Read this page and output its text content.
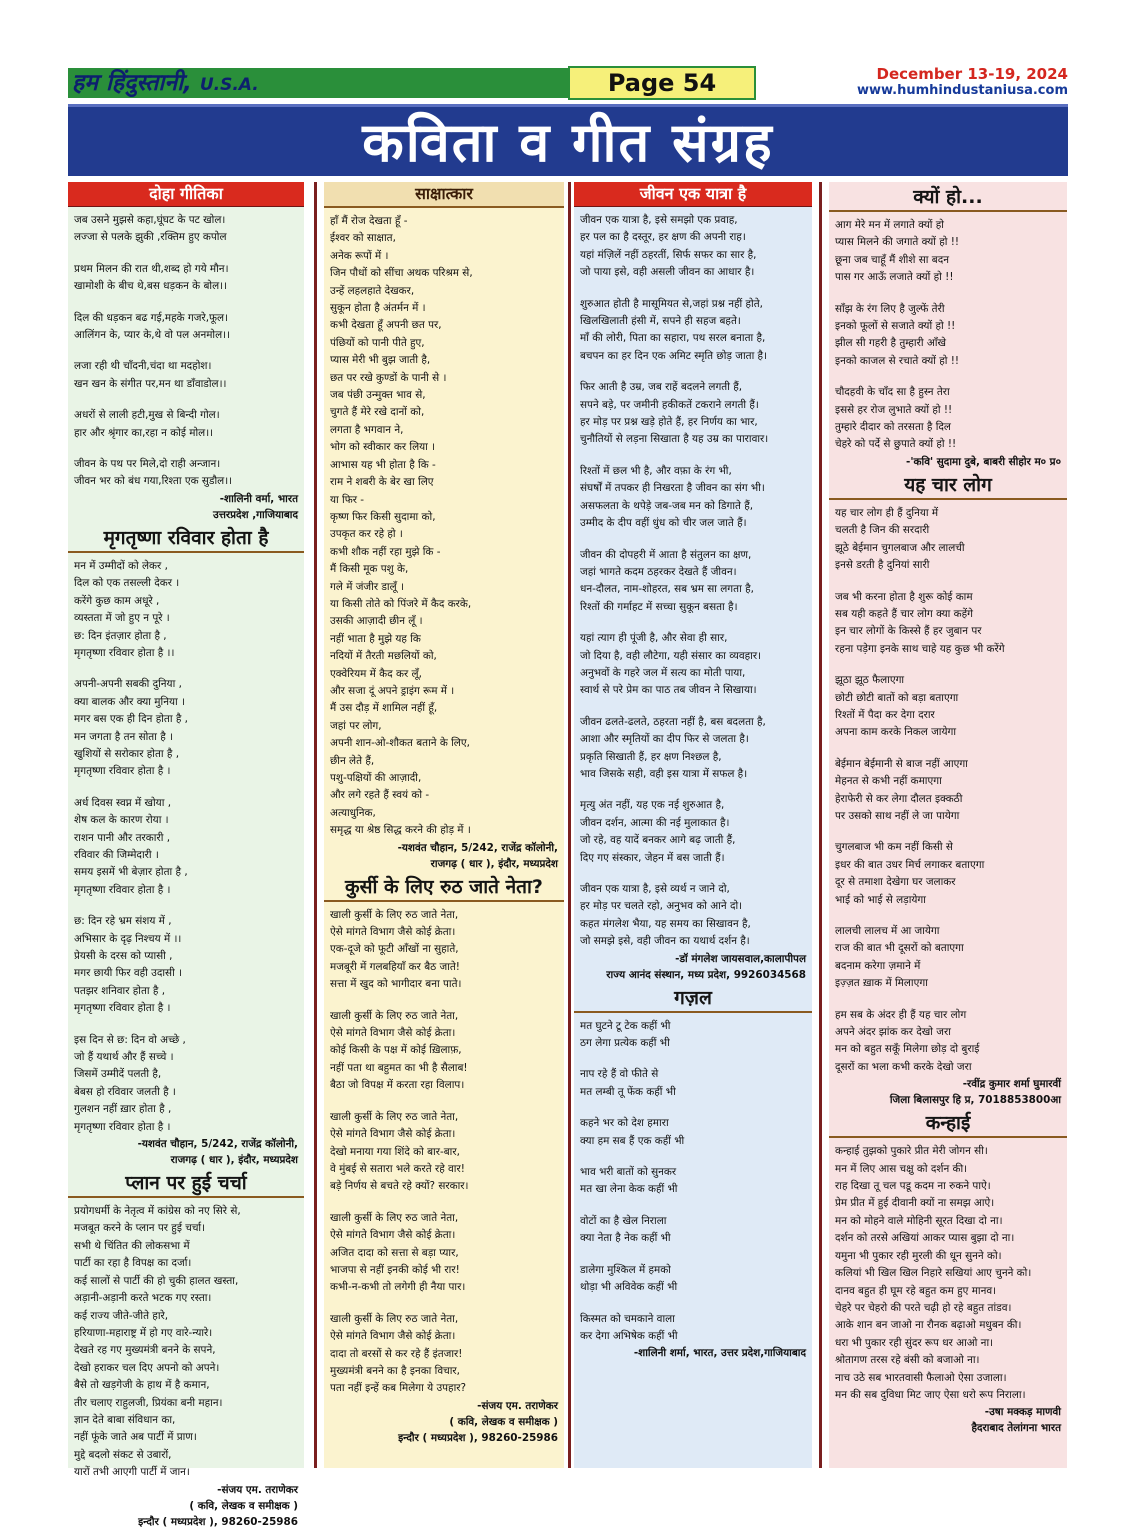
हम हिंदुस्तानी, U.S.A.	Page 54	December 13-19, 2024
www.humhindustaniusa.com
कविता व गीत संग्रह
दोहा गीतिका
जब उसने मुझसे कहा,घूंघट के पट खोल।
लज्जा से पलके झुकी ,रक्तिम हुए कपोल
प्रथम मिलन की रात थी,शब्द हो गये मौन।
खामोशी के बीच थे,बस धड़कन के बोल।।
दिल की धड़कन बढ गई,महके गजरे,फूल।
आलिंगन के, प्यार के,थे वो पल अनमोल।।
लजा रही थी चाँदनी,चंदा था मदहोश।
खन खन के संगीत पर,मन था डाँवाडोल।।
अधरों से लाली हटी,मुख से बिन्दी गोल।
हार और श्रृंगार का,रहा न कोई मोल।।
जीवन के पथ पर मिले,दो राही अन्जान।
जीवन भर को बंध गया,रिश्ता एक सुडौल।।
-शालिनी वर्मा, भारत
उत्तरप्रदेश ,गाजियाबाद
मृगतृष्णा रविवार होता है
मन में उम्मीदों को लेकर ,
दिल को एक तसल्ली देकर ।
करेंगे कुछ काम अधूरे ,
व्यस्तता में जो हुए न पूरे ।
छ: दिन इंतज़ार होता है ,
मृगतृष्णा रविवार होता है ।।
अपनी-अपनी सबकी दुनिया ,
क्या बालक और क्या मुनिया ।
मगर बस एक ही दिन होता है ,
मन जगता है तन सोता है ।
खुशियों से सरोकार होता है ,
मृगतृष्णा रविवार होता है ।
अर्ध दिवस स्वप्न में खोया ,
शेष कल के कारण रोया ।
राशन पानी और तरकारी ,
रविवार की जिम्मेदारी ।
समय इसमें भी बेज़ार होता है ,
मृगतृष्णा रविवार होता है ।
छ: दिन रहे भ्रम संशय में ,
अभिसार के दृढ़ निश्चय में ।।
प्रेयसी के दरस को प्यासी ,
मगर छायी फिर वही उदासी ।
पतझर शनिवार होता है ,
मृगतृष्णा रविवार होता है ।
इस दिन से छ: दिन वो अच्छे ,
जो हैं यथार्थ और हैं सच्चे ।
जिसमें उम्मीदें पलती है,
बेबस हो रविवार जलती है ।
गुलशन नहीं ख़ार होता है ,
मृगतृष्णा रविवार होता है ।
-यशवंत चौहान, 5/242, राजेंद्र कॉलोनी,
राजगढ़ ( धार ), इंदौर, मध्यप्रदेश
प्लान पर हुई चर्चा
प्रयोगधर्मी के नेतृत्व में कांग्रेस को नए सिरे से,
मजबूत करने के प्लान पर हुई चर्चा।
सभी थे चिंतित की लोकसभा में
पार्टी का रहा है विपक्ष का दर्जा।
कई सालों से पार्टी की हो चुकी हालत खस्ता,
अड़ानी-अड़ानी करते भटक गए रस्ता।
कई राज्य जीते-जीते हारे,
हरियाणा-महाराष्ट्र में हो गए वारे-न्यारे।
देखते रह गए मुख्यमंत्री बनने के सपने,
देखो हराकर चल दिए अपनो को अपने।
बैसे तो खड़गेजी के हाथ में है कमान,
तीर चलाए राहुलजी, प्रियंका बनी महान।
ज्ञान देते बाबा संविधान का,
नहीं फूंके जाते अब पार्टी में प्राण।
मुद्दे बदलो संकट से उबारों,
यारों तभी आएगी पार्टी में जान।
-संजय एम. तराणेकर
( कवि, लेखक व समीक्षक )
इन्दौर ( मध्यप्रदेश ), 98260-25986
साक्षात्कार
हाँ मैं रोज देखता हूँ -
ईश्वर को साक्षात,
अनेक रूपों में ।
जिन पौधों को सींचा अथक परिश्रम से,
उन्हें लहलहाते देखकर,
सुकून होता है अंतर्मन में ।
कभी देखता हूँ अपनी छत पर,
पंछियों को पानी पीते हुए,
प्यास मेरी भी बुझ जाती है,
छत पर रखे कुण्डों के पानी से ।
जब पंछी उन्मुक्त भाव से,
चुगते हैं मेरे रखे दानों को,
लगता है भगवान ने,
भोग को स्वीकार कर लिया ।
आभास यह भी होता है कि -
राम ने शबरी के बेर खा लिए
या फिर -
कृष्ण फिर किसी सुदामा को,
उपकृत कर रहे हो ।
कभी शौक नहीं रहा मुझे कि -
मैं किसी मूक पशु के,
गले में जंजीर डालूँ ।
या किसी तोते को पिंजरे में कैद करके,
उसकी आज़ादी छीन लूँ ।
नहीं भाता है मुझे यह कि
नदियों में तैरती मछलियों को,
एक्वेरियम में कैद कर लूँ,
और सजा दूं अपने ड्राइंग रूम में ।
मैं उस दौड़ में शामिल नहीं हूँ,
जहां पर लोग,
अपनी शान-ओ-शौकत बताने के लिए,
छीन लेते हैं,
पशु-पक्षियों की आज़ादी,
और लगे रहते हैं स्वयं को -
अत्याधुनिक,
समृद्ध या श्रेष्ठ सिद्ध करने की होड़ में ।
-यशवंत चौहान, 5/242, राजेंद्र कॉलोनी,
राजगढ़ ( धार ), इंदौर, मध्यप्रदेश
कुर्सी के लिए रुठ जाते नेता?
खाली कुर्सी के लिए रुठ जाते नेता,
ऐसे मांगते विभाग जैसे कोई क्रेता।
एक-दूजे को फूटी आँखों ना सुहाते,
मजबूरी में गलबहियाँ कर बैठ जाते!
सत्ता में खुद को भागीदार बना पाते।
खाली कुर्सी के लिए रुठ जाते नेता,
ऐसे मांगते विभाग जैसे कोई क्रेता।
कोई किसी के पक्ष में कोई ख़िलाफ़,
नहीं पता था बहुमत का भी है सैलाब!
बैठा जो विपक्ष में करता रहा विलाप।
खाली कुर्सी के लिए रुठ जाते नेता,
ऐसे मांगते विभाग जैसे कोई क्रेता।
देखो मनाया गया शिंदे को बार-बार,
वे मुंबई से सतारा भले करते रहे वार!
बड़े निर्णय से बचते रहे क्यों? सरकार।
खाली कुर्सी के लिए रुठ जाते नेता,
ऐसे मांगते विभाग जैसे कोई क्रेता।
अजित दादा को सत्ता से बड़ा प्यार,
भाजपा से नहीं इनकी कोई भी रार!
कभी-न-कभी तो लगेगी ही नैया पार।
खाली कुर्सी के लिए रुठ जाते नेता,
ऐसे मांगते विभाग जैसे कोई क्रेता।
दादा तो बरसों से कर रहे हैं इंतजार!
मुख्यमंत्री बनने का है इनका विचार,
पता नहीं इन्हें कब मिलेगा ये उपहार?
-संजय एम. तराणेकर
( कवि, लेखक व समीक्षक )
इन्दौर ( मध्यप्रदेश ), 98260-25986
जीवन एक यात्रा है
जीवन एक यात्रा है, इसे समझो एक प्रवाह,
हर पल का है दस्तूर, हर क्षण की अपनी राह।
यहां मंज़िलें नहीं ठहरतीं, सिर्फ सफर का सार है,
जो पाया इसे, वही असली जीवन का आधार है।
शुरुआत होती है मासूमियत से,जहां प्रश्न नहीं होते,
खिलखिलाती हंसी में, सपने ही सहज बहते।
माँ की लोरी, पिता का सहारा, पथ सरल बनाता है,
बचपन का हर दिन एक अमिट स्मृति छोड़ जाता है।
फिर आती है उम्र, जब राहें बदलने लगती हैं,
सपने बड़े, पर जमीनी हकीकतें टकराने लगती हैं।
हर मोड़ पर प्रश्न खड़े होते हैं, हर निर्णय का भार,
चुनौतियों से लड़ना सिखाता है यह उम्र का पारावार।
रिश्तों में छल भी है, और वफ़ा के रंग भी,
संघर्षों में तपकर ही निखरता है जीवन का संग भी।
असफलता के थपेड़े जब-जब मन को डिगाते हैं,
उम्मीद के दीप वहीं धुंध को चीर जल जाते हैं।
जीवन की दोपहरी में आता है संतुलन का क्षण,
जहां भागते कदम ठहरकर देखते हैं जीवन।
धन-दौलत, नाम-शोहरत, सब भ्रम सा लगता है,
रिश्तों की गर्माहट में सच्चा सुकून बसता है।
यहां त्याग ही पूंजी है, और सेवा ही सार,
जो दिया है, वही लौटेगा, यही संसार का व्यवहार।
अनुभवों के गहरे जल में सत्य का मोती पाया,
स्वार्थ से परे प्रेम का पाठ तब जीवन ने सिखाया।
जीवन ढलते-ढलते, ठहरता नहीं है, बस बदलता है,
आशा और स्मृतियों का दीप फिर से जलता है।
प्रकृति सिखाती हैं, हर क्षण निश्छल है,
भाव जिसके सही, वही इस यात्रा में सफल है।
मृत्यु अंत नहीं, यह एक नई शुरुआत है,
जीवन दर्शन, आत्मा की नई मुलाकात है।
जो रहे, वह यादें बनकर आगे बढ़ जाती हैं,
दिए गए संस्कार, जेहन में बस जाती हैं।
जीवन एक यात्रा है, इसे व्यर्थ न जाने दो,
हर मोड़ पर चलते रहो, अनुभव को आने दो।
कहत मंगलेश भैया, यह समय का सिखावन है,
जो समझे इसे, वही जीवन का यथार्थ दर्शन है।
-डॉ मंगलेश जायसवाल,कालापीपल
राज्य आनंद संस्थान, मध्य प्रदेश, 9926034568
गज़ल
मत घुटने टू टेक कहीं भी
ठग लेगा प्रत्येक कहीं भी
नाप रहे हैं वो फीते से
मत लम्बी तू फेंक कहीं भी
कहने भर को देश हमारा
क्या हम सब हैं एक कहीं भी
भाव भरी बातों को सुनकर
मत खा लेना केक कहीं भी
वोटों का है खेल निराला
क्या नेता है नेक कहीं भी
डालेगा मुश्किल में हमको
थोड़ा भी अविवेक कहीं भी
किस्मत को चमकाने वाला
कर देगा अभिषेक कहीं भी
-शालिनी शर्मा, भारत, उत्तर प्रदेश,गाजियाबाद
क्यों हो...
आग मेरे मन में लगाते क्यों हो
प्यास मिलने की जगाते क्यों हो !!
छूना जब चाहूँ मैं शीशे सा बदन
पास गर आऊँ लजाते क्यों हो !!
साँझ के रंग लिए है जुल्फें तेरी
इनको फूलों से सजाते क्यों हो !!
झील सी गहरी है तुम्हारी आँखे
इनको काजल से रचाते क्यों हो !!
चौदहवी के चाँद सा है हुस्न तेरा
इससे हर रोज लुभाते क्यों हो !!
तुम्हारे दीदार को तरसता है दिल
चेहरे को पर्दे से छुपाते क्यों हो !!
-'कवि' सुदामा दुबे, बाबरी सीहोर म० प्र०
यह चार लोग
यह चार लोग ही हैं दुनिया में
चलती है जिन की सरदारी
झूठे बेईमान चुगलबाज और लालची
इनसे डरती है दुनियां सारी
जब भी करना होता है शुरू कोई काम
सब यही कहते हैं चार लोग क्या कहेंगे
इन चार लोगों के किस्से हैं हर जुबान पर
रहना पड़ेगा इनके साथ चाहे यह कुछ भी करेंगे
झूठा झूठ फैलाएगा
छोटी छोटी बातों को बड़ा बताएगा
रिश्तों में पैदा कर देगा दरार
अपना काम करके निकल जायेगा
बेईमान बेईमानी से बाज नहीं आएगा
मेहनत से कभी नहीं कमाएगा
हेराफेरी से कर लेगा दौलत इक्कठी
पर उसको साथ नहीं ले जा पायेगा
चुगलबाज भी कम नहीं किसी से
इधर की बात उधर मिर्च लगाकर बताएगा
दूर से तमाशा देखेगा घर जलाकर
भाई को भाई से लड़ायेगा
लालची लालच में आ जायेगा
राज की बात भी दूसरों को बताएगा
बदनाम करेगा ज़माने में
इज़्ज़त ख़ाक में मिलाएगा
हम सब के अंदर ही हैं यह चार लोग
अपने अंदर झांक कर देखो जरा
मन को बहुत सकूँ मिलेगा छोड़ दो बुराई
दूसरों का भला कभी करके देखो जरा
-रवींद्र कुमार शर्मा घुमारवीं
जिला बिलासपुर हि प्र, 7018853800आ
कन्हाई
कन्हाई तुझको पुकारे प्रीत मेरी जोगन सी।
मन में लिए आस चक्षु को दर्शन की।
राह दिखा तू चल पडू कदम ना रुकने पाऐ।
प्रेम प्रीत में हुई दीवानी क्यों ना समझ आऐ।
मन को मोहने वाले मोहिनी सूरत दिखा दो ना।
दर्शन को तरसे अखियां आकर प्यास बुझा दो ना।
यमुना भी पुकार रही मुरली की धून सुनने को।
कलियां भी खिल खिल निहारे सखियां आए चुनने को।
दानव बहुत ही घूम रहे बहुत कम हुए मानव।
चेहरे पर चेहरो की परते चढ़ी हो रहे बहुत तांडव।
आके शान बन जाओ ना रौनक बढ़ाओ मधुबन की।
धरा भी पुकार रही सुंदर रूप धर आओ ना।
श्रोतागण तरस रहे बंसी को बजाओ ना।
नाच उठे सब भारतवासी फैलाओ ऐसा उजाला।
मन की सब दुविधा मिट जाए ऐसा धरो रूप निराला।
-उषा मक्कड़ माणवी
हैदराबाद तेलांगना भारत
